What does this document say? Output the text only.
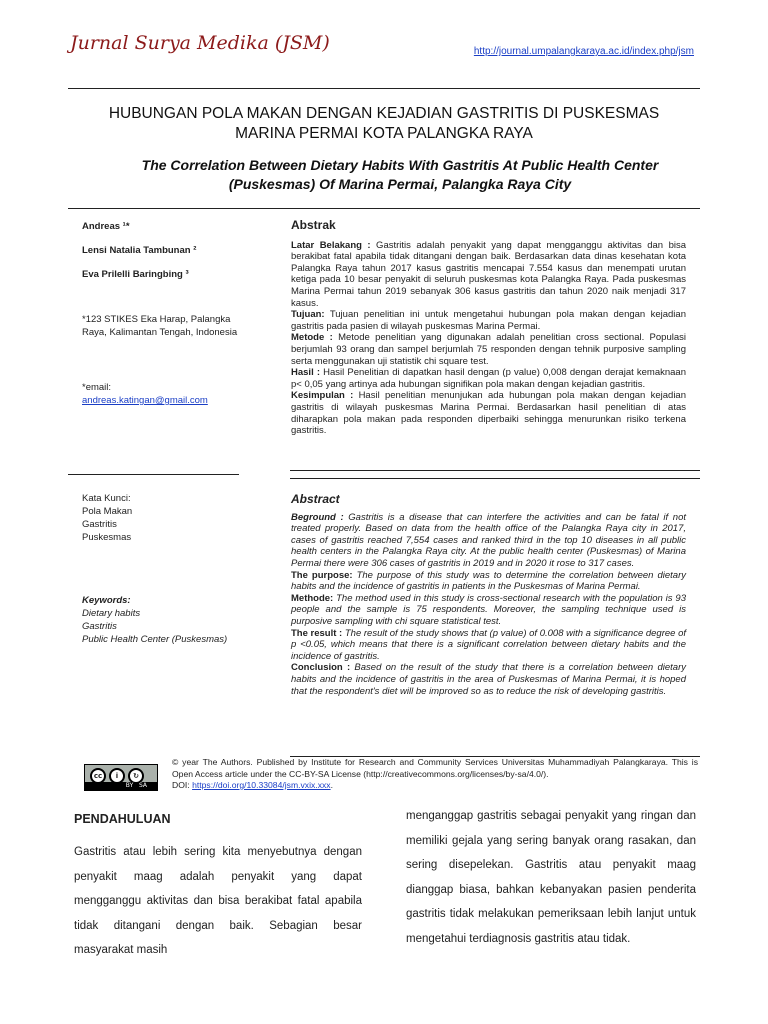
Jurnal Surya Medika (JSM)	http://journal.umpalangkaraya.ac.id/index.php/jsm
HUBUNGAN POLA MAKAN DENGAN KEJADIAN GASTRITIS DI PUSKESMAS
MARINA PERMAI KOTA PALANGKA RAYA
The Correlation Between Dietary Habits With Gastritis At Public Health Center
(Puskesmas) Of Marina Permai, Palangka Raya City
Andreas ¹*
Lensi Natalia Tambunan ²
Eva Prilelli Baringbing ³
*123 STIKES Eka Harap, Palangka Raya, Kalimantan Tengah, Indonesia
*email:
andreas.katingan@gmail.com
Kata Kunci:
Pola Makan
Gastritis
Puskesmas
Keywords:
Dietary habits
Gastritis
Public Health Center (Puskesmas)
Abstrak

Latar Belakang : Gastritis adalah penyakit yang dapat mengganggu aktivitas dan bisa berakibat fatal apabila tidak ditangani dengan baik. Berdasarkan data dinas kesehatan kota Palangka Raya tahun 2017 kasus gastritis mencapai 7.554 kasus dan menempati urutan ketiga pada 10 besar penyakit di seluruh puskesmas kota Palangka Raya. Pada puskesmas Marina Permai tahun 2019 sebanyak 306 kasus gastritis dan tahun 2020 naik menjadi 317 kasus.

Tujuan: Tujuan penelitian ini untuk mengetahui hubungan pola makan dengan kejadian gastritis pada pasien di wilayah puskesmas Marina Permai.

Metode : Metode penelitian yang digunakan adalah penelitian cross sectional. Populasi berjumlah 93 orang dan sampel berjumlah 75 responden dengan tehnik purposive sampling serta menggunakan uji statistik chi square test.

Hasil : Hasil Penelitian di dapatkan hasil dengan (p value) 0,008 dengan derajat kemaknaan p< 0,05 yang artinya ada hubungan signifikan pola makan dengan kejadian gastritis.

Kesimpulan : Hasil penelitian menunjukan ada hubungan pola makan dengan kejadian gastritis di wilayah puskesmas Marina Permai. Berdasarkan hasil penelitian di atas diharapkan pola makan pada responden diperbaiki sehingga menurunkan risiko terkena gastritis.

Abstract

Beground : Gastritis is a disease that can interfere the activities and can be fatal if not treated properly. Based on data from the health office of the Palangka Raya city in 2017, cases of gastritis reached 7,554 cases and ranked third in the top 10 diseases in all public health centers in the Palangka Raya city. At the public health center (Puskesmas) of Marina Permai there were 306 cases of gastritis in 2019 and in 2020 it rose to 317 cases.

The purpose: The purpose of this study was to determine the correlation between dietary habits and the incidence of gastritis in patients in the Puskesmas of Marina Permai.

Methode: The method used in this study is cross-sectional research with the population is 93 people and the sample is 75 respondents. Moreover, the sampling technique used is purposive sampling with chi square statistical test.

The result : The result of the study shows that (p value) of 0.008 with a significance degree of p <0.05, which means that there is a significant correlation between dietary habits and the incidence of gastritis.

Conclusion : Based on the result of the study that there is a correlation between dietary habits and the incidence of gastritis in the area of Puskesmas of Marina Permai, it is hoped that the respondent's diet will be improved so as to reduce the risk of developing gastritis.

cc	i	↻
BY SA
© year The Authors. Published by Institute for Research and Community Services Universitas Muhammadiyah Palangkaraya. This is Open Access article under the CC-BY-SA License (http://creativecommons.org/licenses/by-sa/4.0/).
DOI: https://doi.org/10.33084/jsm.vxix.xxx.
PENDAHULUAN

Gastritis atau lebih sering kita menyebutnya dengan penyakit maag adalah penyakit yang dapat mengganggu aktivitas dan bisa berakibat fatal apabila tidak ditangani dengan baik. Sebagian besar masyarakat masih

menganggap gastritis sebagai penyakit yang ringan dan memiliki gejala yang sering banyak orang rasakan, dan sering disepelekan. Gastritis atau penyakit maag dianggap biasa, bahkan kebanyakan pasien penderita gastritis tidak melakukan pemeriksaan lebih lanjut untuk mengetahui terdiagnosis gastritis atau tidak.
